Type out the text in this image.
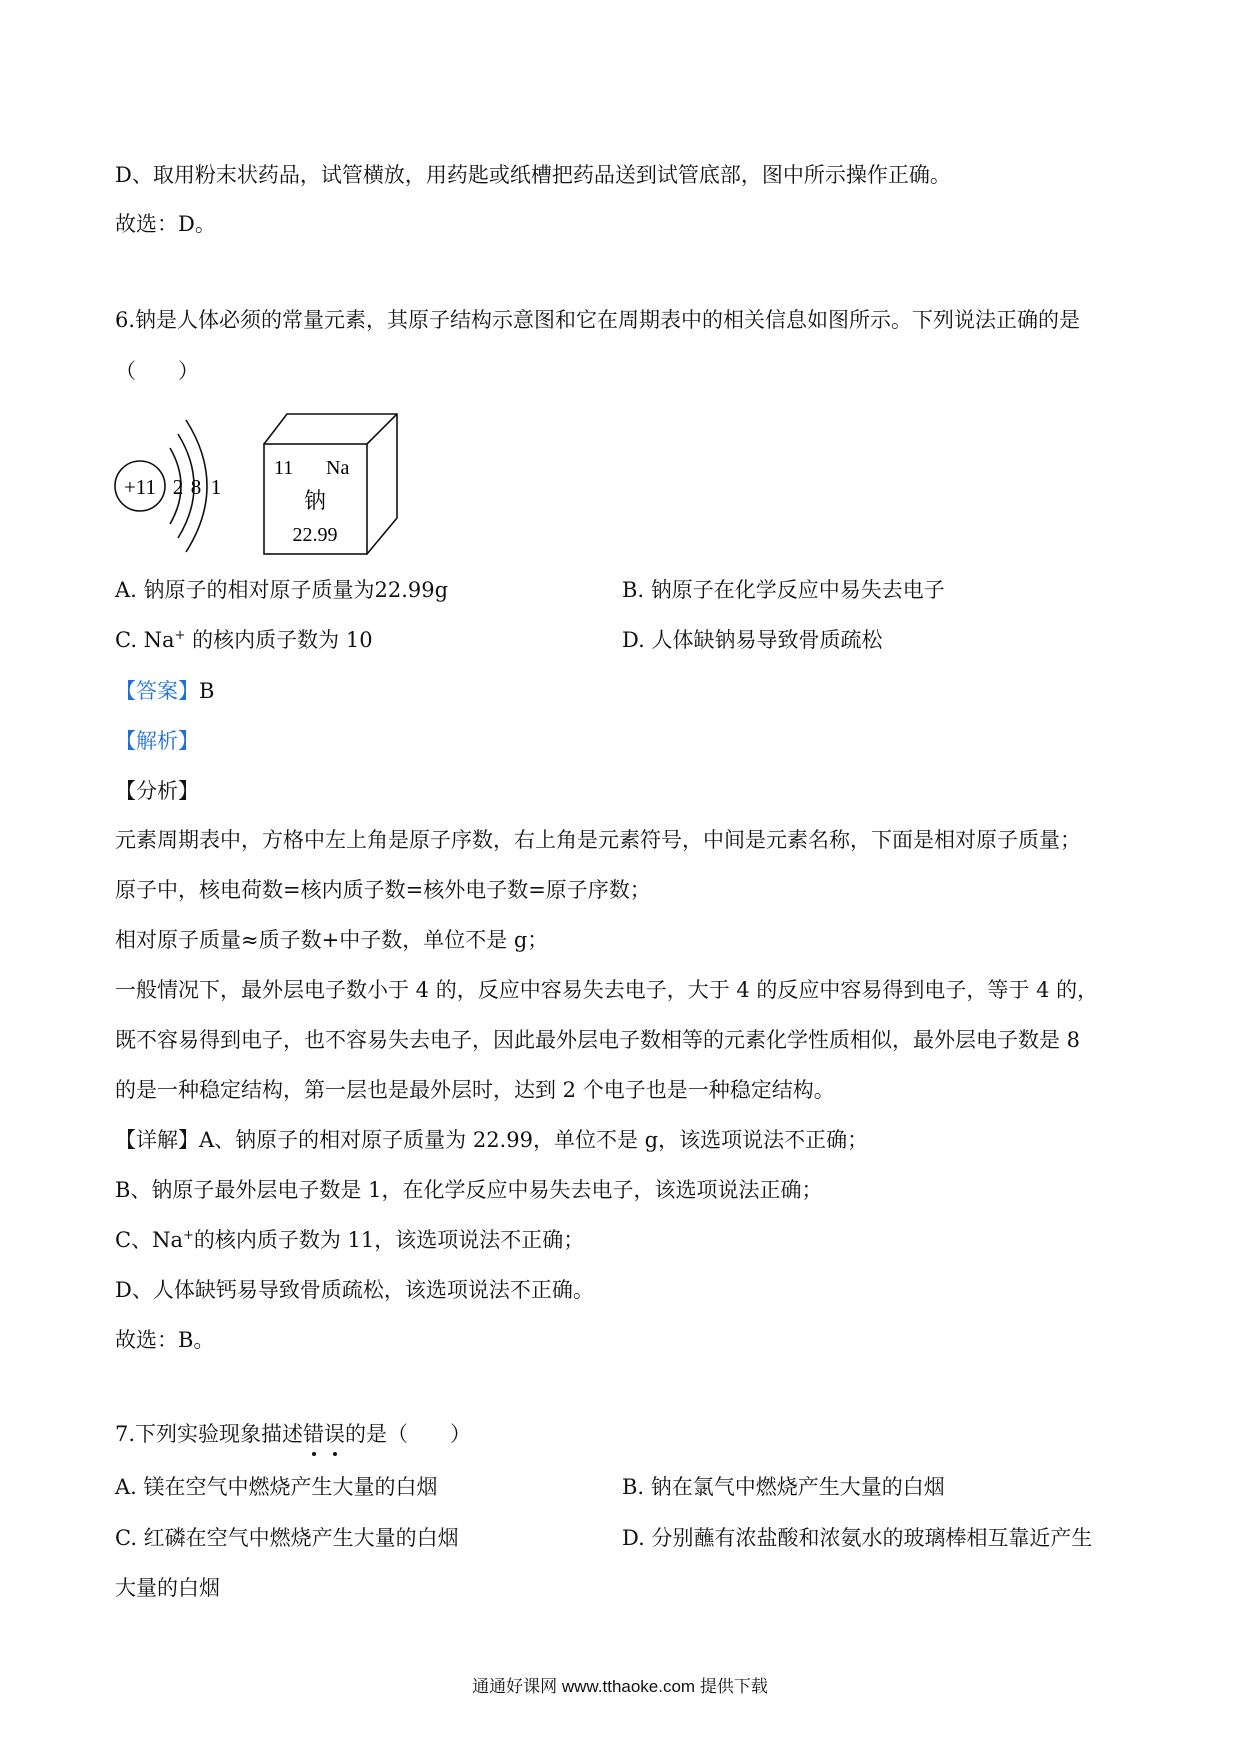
D、取用粉末状药品，试管横放，用药匙或纸槽把药品送到试管底部，图中所示操作正确。
故选：D。
6.钠是人体必须的常量元素，其原子结构示意图和它在周期表中的相关信息如图所示。下列说法正确的是
（　　）
+11 2 8 1
11 Na
钠
22.99
A. 钠原子的相对原子质量为22.99g	B. 钠原子在化学反应中易失去电子
C. Na+ 的核内质子数为 10	D. 人体缺钠易导致骨质疏松
【答案】B
【解析】
【分析】
元素周期表中，方格中左上角是原子序数，右上角是元素符号，中间是元素名称，下面是相对原子质量；
原子中，核电荷数=核内质子数=核外电子数=原子序数；
相对原子质量≈质子数+中子数，单位不是 g；
一般情况下，最外层电子数小于 4 的，反应中容易失去电子，大于 4 的反应中容易得到电子，等于 4 的，
既不容易得到电子，也不容易失去电子，因此最外层电子数相等的元素化学性质相似，最外层电子数是 8
的是一种稳定结构，第一层也是最外层时，达到 2 个电子也是一种稳定结构。
【详解】A、钠原子的相对原子质量为 22.99，单位不是 g，该选项说法不正确；
B、钠原子最外层电子数是 1，在化学反应中易失去电子，该选项说法正确；
C、Na+的核内质子数为 11，该选项说法不正确；
D、人体缺钙易导致骨质疏松，该选项说法不正确。
故选：B。
7.下列实验现象描述错误
的是（　　）
A. 镁在空气中燃烧产生大量的白烟	B. 钠在氯气中燃烧产生大量的白烟
C. 红磷在空气中燃烧产生大量的白烟	D. 分别蘸有浓盐酸和浓氨水的玻璃棒相互靠近产生
大量的白烟
通通好课网 www.tthaoke.com 提供下载
